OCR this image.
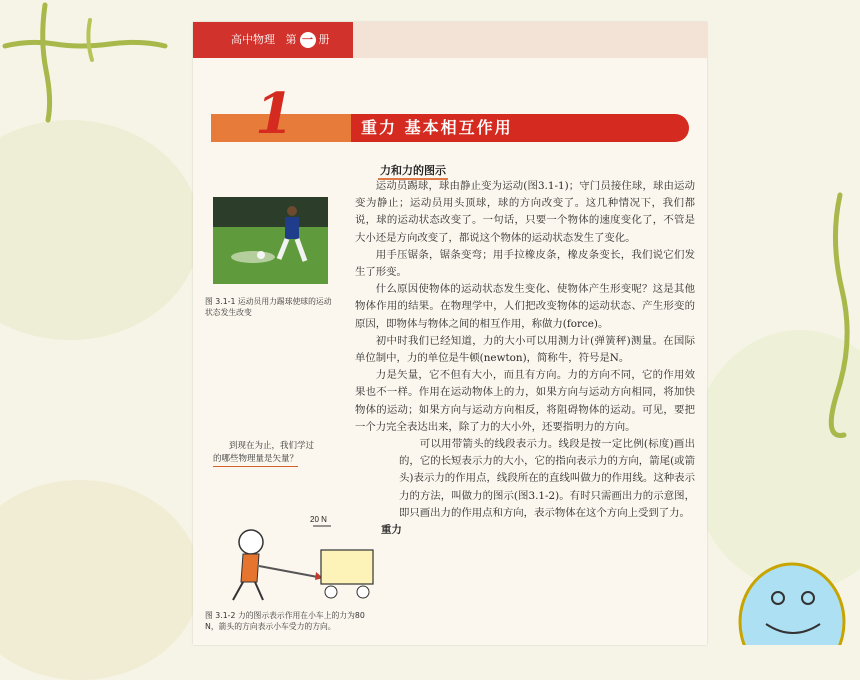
高中物理 第 一 册
1	重力 基本相互作用
力和力的图示
图 3.1-1 运动员用力踢球使球的运动状态发生改变
到现在为止，我们学过
的哪些物理量是矢量？
20 N
图 3.1-2 力的图示表示作用在小车上的力为80 N，箭头的方向表示小车受力的方向。

运动员踢球，球由静止变为运动(图3.1-1)；守门员接住球，球由运动变为静止；运动员用头顶球，球的方向改变了。这几种情况下，我们都说，球的运动状态改变了。一句话，只要一个物体的速度变化了，不管是大小还是方向改变了，都说这个物体的运动状态发生了变化。

用手压锯条，锯条变弯；用手拉橡皮条，橡皮条变长，我们说它们发生了形变。

什么原因使物体的运动状态发生变化、使物体产生形变呢？这是其他物体作用的结果。在物理学中，人们把改变物体的运动状态、产生形变的原因，即物体与物体之间的相互作用，称做力(force)。

初中时我们已经知道，力的大小可以用测力计(弹簧秤)测量。在国际单位制中，力的单位是牛顿(newton)，简称牛，符号是N。

力是矢量，它不但有大小，而且有方向。力的方向不同，它的作用效果也不一样。作用在运动物体上的力，如果方向与运动方向相同，将加快物体的运动；如果方向与运动方向相反，将阻碍物体的运动。可见，要把一个力完全表达出来，除了力的大小外，还要指明力的方向。

可以用带箭头的线段表示力。线段是按一定比例(标度)画出的，它的长短表示力的大小，它的指向表示力的方向，箭尾(或箭头)表示力的作用点，线段所在的直线叫做力的作用线。这种表示力的方法，叫做力的图示(图3.1-2)。有时只需画出力的示意图，即只画出力的作用点和方向，表示物体在这个方向上受到了力。

重力
